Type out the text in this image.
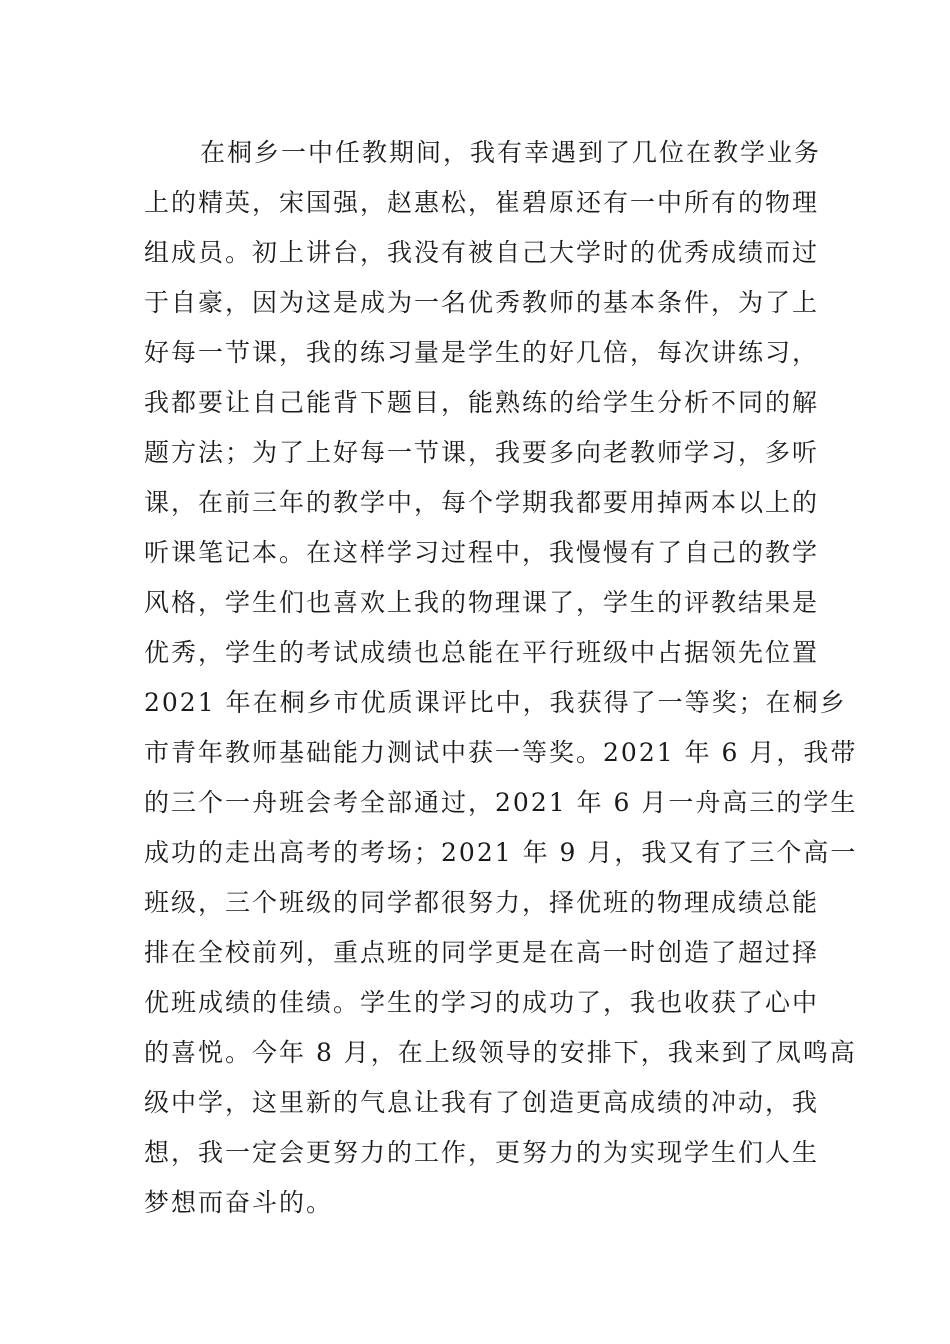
在桐乡一中任教期间，我有幸遇到了几位在教学业务
上的精英，宋国强，赵惠松，崔碧原还有一中所有的物理
组成员。初上讲台，我没有被自己大学时的优秀成绩而过
于自豪，因为这是成为一名优秀教师的基本条件，为了上
好每一节课，我的练习量是学生的好几倍，每次讲练习，
我都要让自己能背下题目，能熟练的给学生分析不同的解
题方法；为了上好每一节课，我要多向老教师学习，多听
课，在前三年的教学中，每个学期我都要用掉两本以上的
听课笔记本。在这样学习过程中，我慢慢有了自己的教学
风格，学生们也喜欢上我的物理课了，学生的评教结果是
优秀，学生的考试成绩也总能在平行班级中占据领先位置
2021 年在桐乡市优质课评比中，我获得了一等奖；在桐乡
市青年教师基础能力测试中获一等奖。2021 年 6 月，我带
的三个一舟班会考全部通过，2021 年 6 月一舟高三的学生
成功的走出高考的考场；2021 年 9 月，我又有了三个高一
班级，三个班级的同学都很努力，择优班的物理成绩总能
排在全校前列，重点班的同学更是在高一时创造了超过择
优班成绩的佳绩。学生的学习的成功了，我也收获了心中
的喜悦。今年 8 月，在上级领导的安排下，我来到了凤鸣高
级中学，这里新的气息让我有了创造更高成绩的冲动，我
想，我一定会更努力的工作，更努力的为实现学生们人生
梦想而奋斗的。
